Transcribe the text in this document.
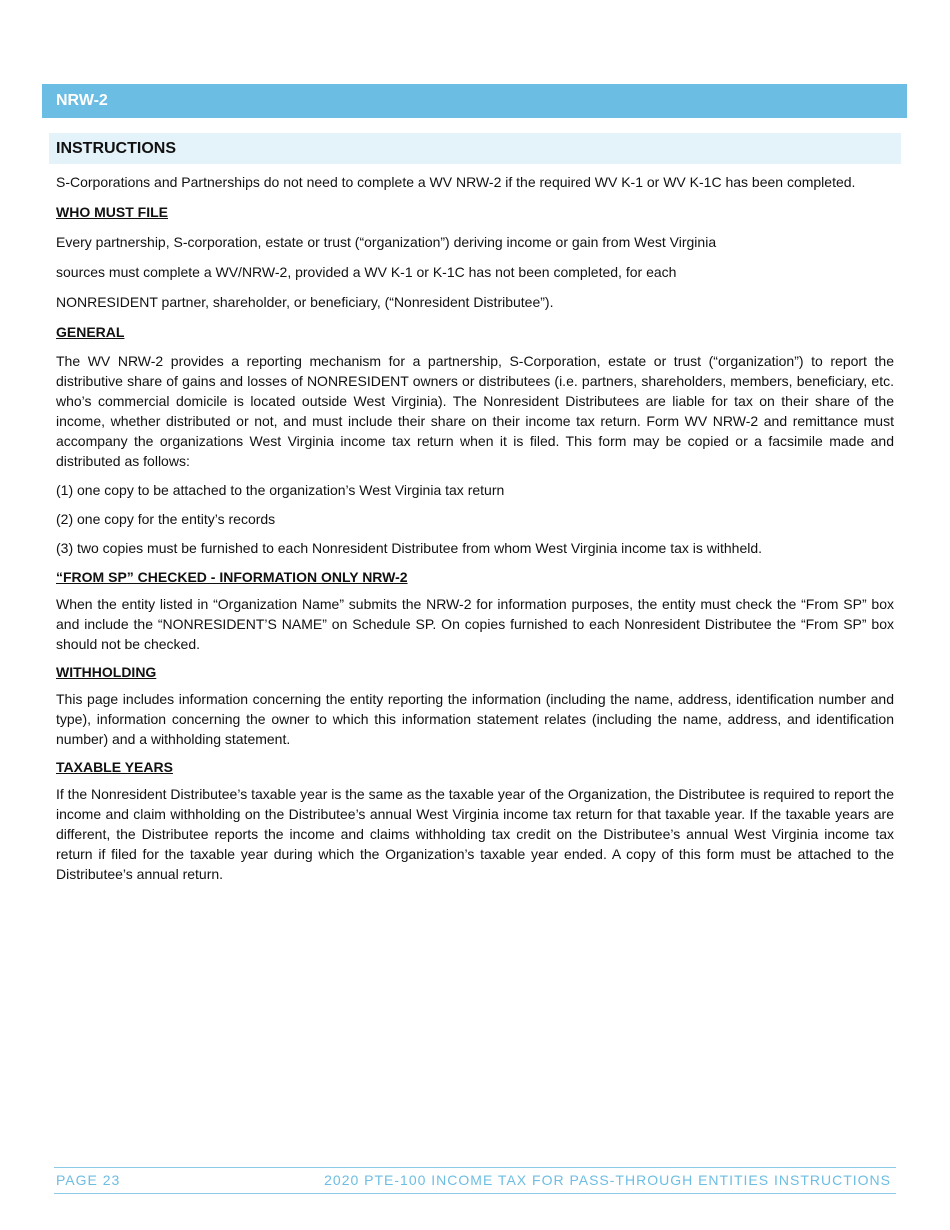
NRW-2
INSTRUCTIONS

S-Corporations and Partnerships do not need to complete a WV NRW-2 if the required WV K-1 or WV K-1C has been completed.

WHO MUST FILE

Every partnership, S-corporation, estate or trust (“organization”) deriving income or gain from West Virginia

sources must complete a WV/NRW-2, provided a WV K-1 or K-1C has not been completed, for each

NONRESIDENT partner, shareholder, or beneficiary, (“Nonresident Distributee”).

GENERAL

The WV NRW-2 provides a reporting mechanism for a partnership, S-Corporation, estate or trust (“organization”) to report the distributive share of gains and losses of NONRESIDENT owners or distributees (i.e. partners, shareholders, members, beneficiary, etc. who’s commercial domicile is located outside West Virginia). The Nonresident Distributees are liable for tax on their share of the income, whether distributed or not, and must include their share on their income tax return. Form WV NRW-2 and remittance must accompany the organizations West Virginia income tax return when it is filed. This form may be copied or a facsimile made and distributed as follows:

(1) one copy to be attached to the organization’s West Virginia tax return

(2) one copy for the entity’s records

(3) two copies must be furnished to each Nonresident Distributee from whom West Virginia income tax is withheld.

“FROM SP” CHECKED - INFORMATION ONLY NRW-2

When the entity listed in “Organization Name” submits the NRW-2 for information purposes, the entity must check the “From SP” box and include the “NONRESIDENT’S NAME” on Schedule SP. On copies furnished to each Nonresident Distributee the “From SP” box should not be checked.

WITHHOLDING

This page includes information concerning the entity reporting the information (including the name, address, identification number and type), information concerning the owner to which this information statement relates (including the name, address, and identification number) and a withholding statement.

TAXABLE YEARS

If the Nonresident Distributee’s taxable year is the same as the taxable year of the Organization, the Distributee is required to report the income and claim withholding on the Distributee’s annual West Virginia income tax return for that taxable year. If the taxable years are different, the Distributee reports the income and claims withholding tax credit on the Distributee’s annual West Virginia income tax return if filed for the taxable year during which the Organization’s taxable year ended. A copy of this form must be attached to the Distributee’s annual return.

PAGE 23	2020 PTE-100 INCOME TAX FOR PASS-THROUGH ENTITIES INSTRUCTIONS
